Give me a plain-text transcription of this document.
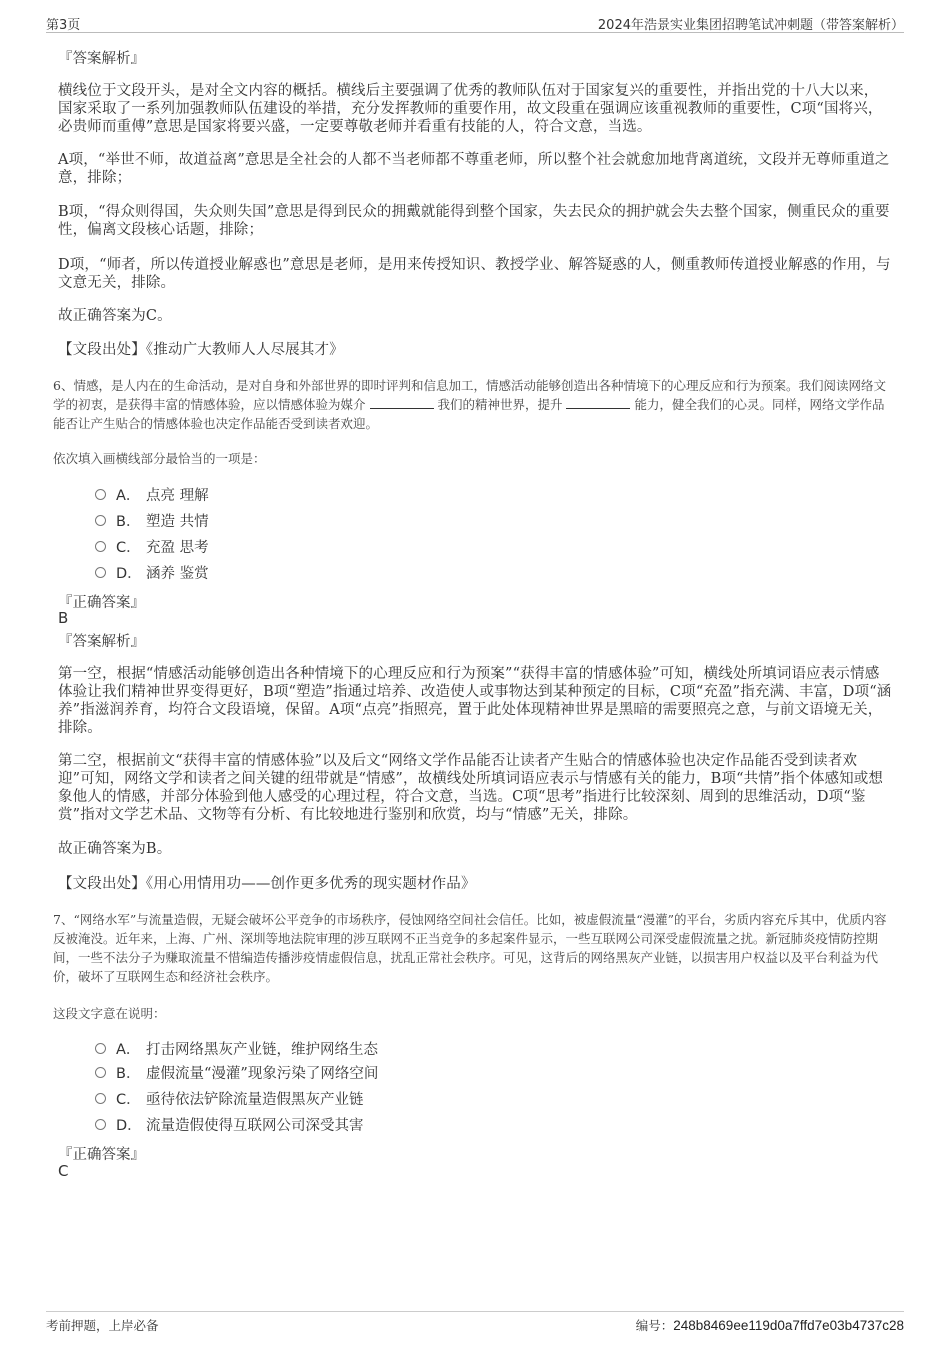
第3页	2024年浩景实业集团招聘笔试冲刺题（带答案解析）
『答案解析』
横线位于文段开头，是对全文内容的概括。横线后主要强调了优秀的教师队伍对于国家复兴的重要性，并指出党的十八大以来，国家采取了一系列加强教师队伍建设的举措，充分发挥教师的重要作用，故文段重在强调应该重视教师的重要性，C项“国将兴，必贵师而重傅”意思是国家将要兴盛，一定要尊敬老师并看重有技能的人，符合文意，当选。
A项，“举世不师，故道益离”意思是全社会的人都不当老师都不尊重老师，所以整个社会就愈加地背离道统，文段并无尊师重道之意，排除；
B项，“得众则得国，失众则失国”意思是得到民众的拥戴就能得到整个国家，失去民众的拥护就会失去整个国家，侧重民众的重要性，偏离文段核心话题，排除；
D项，“师者，所以传道授业解惑也”意思是老师，是用来传授知识、教授学业、解答疑惑的人，侧重教师传道授业解惑的作用，与文意无关，排除。
故正确答案为C。
【文段出处】《推动广大教师人人尽展其才》
6、情感，是人内在的生命活动，是对自身和外部世界的即时评判和信息加工，情感活动能够创造出各种情境下的心理反应和行为预案。我们阅读网络文学的初衷，是获得丰富的情感体验，应以情感体验为媒介	我们的精神世界，提升	能力，健全我们的心灵。同样，网络文学作品能否让产生贴合的情感体验也决定作品能否受到读者欢迎。
依次填入画横线部分最恰当的一项是：
A． 点亮 理解
B． 塑造 共情
C． 充盈 思考
D． 涵养 鉴赏
『正确答案』
B
『答案解析』
第一空，根据“情感活动能够创造出各种情境下的心理反应和行为预案”“获得丰富的情感体验”可知，横线处所填词语应表示情感体验让我们精神世界变得更好，B项“塑造”指通过培养、改造使人或事物达到某种预定的目标，C项“充盈”指充满、丰富，D项“涵养”指滋润养育，均符合文段语境，保留。A项“点亮”指照亮，置于此处体现精神世界是黑暗的需要照亮之意，与前文语境无关，排除。
第二空，根据前文“获得丰富的情感体验”以及后文“网络文学作品能否让读者产生贴合的情感体验也决定作品能否受到读者欢迎”可知，网络文学和读者之间关键的纽带就是“情感”，故横线处所填词语应表示与情感有关的能力，B项“共情”指个体感知或想象他人的情感，并部分体验到他人感受的心理过程，符合文意，当选。C项“思考”指进行比较深刻、周到的思维活动，D项“鉴赏”指对文学艺术品、文物等有分析、有比较地进行鉴别和欣赏，均与“情感”无关，排除。
故正确答案为B。
【文段出处】《用心用情用功——创作更多优秀的现实题材作品》
7、“网络水军”与流量造假，无疑会破坏公平竞争的市场秩序，侵蚀网络空间社会信任。比如，被虚假流量“漫灌”的平台，劣质内容充斥其中，优质内容反被淹没。近年来，上海、广州、深圳等地法院审理的涉互联网不正当竞争的多起案件显示，一些互联网公司深受虚假流量之扰。新冠肺炎疫情防控期间，一些不法分子为赚取流量不惜编造传播涉疫情虚假信息，扰乱正常社会秩序。可见，这背后的网络黑灰产业链，以损害用户权益以及平台利益为代价，破坏了互联网生态和经济社会秩序。
这段文字意在说明：
A． 打击网络黑灰产业链，维护网络生态
B． 虚假流量“漫灌”现象污染了网络空间
C． 亟待依法铲除流量造假黑灰产业链
D． 流量造假使得互联网公司深受其害
『正确答案』
C
考前押题，上岸必备	编号：248b8469ee119d0a7ffd7e03b4737c28
